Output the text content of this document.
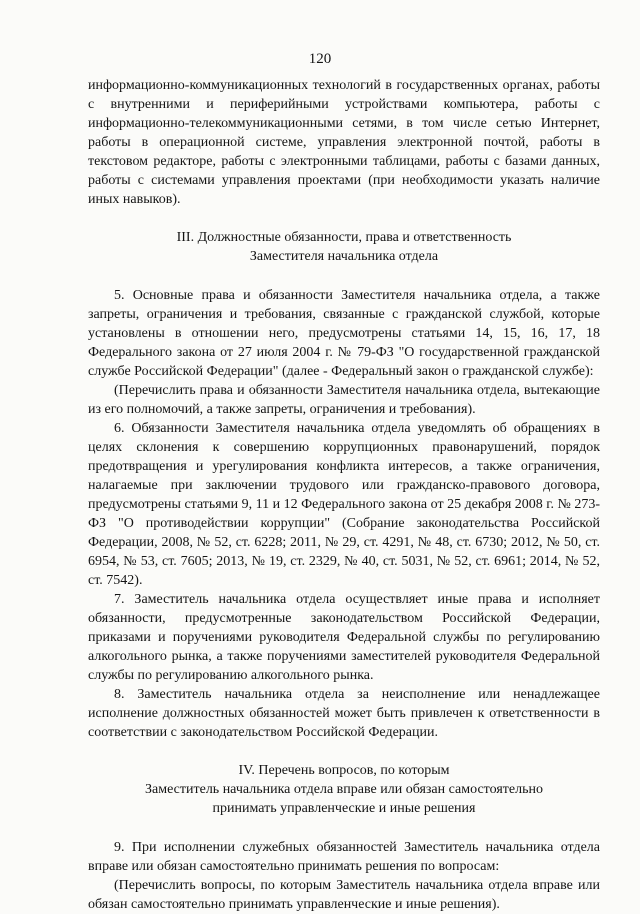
120

информационно-коммуникационных технологий в государственных органах, работы с внутренними и периферийными устройствами компьютера, работы с информационно-телекоммуникационными сетями, в том числе сетью Интернет, работы в операционной системе, управления электронной почтой, работы в текстовом редакторе, работы с электронными таблицами, работы с базами данных, работы с системами управления проектами (при необходимости указать наличие иных навыков).

III. Должностные обязанности, права и ответственность
Заместителя начальника отдела

5. Основные права и обязанности Заместителя начальника отдела, а также запреты, ограничения и требования, связанные с гражданской службой, которые установлены в отношении него, предусмотрены статьями 14, 15, 16, 17, 18 Федерального закона от 27 июля 2004 г. № 79-ФЗ "О государственной гражданской службе Российской Федерации" (далее - Федеральный закон о гражданской службе):

(Перечислить права и обязанности Заместителя начальника отдела, вытекающие из его полномочий, а также запреты, ограничения и требования).

6. Обязанности Заместителя начальника отдела уведомлять об обращениях в целях склонения к совершению коррупционных правонарушений, порядок предотвращения и урегулирования конфликта интересов, а также ограничения, налагаемые при заключении трудового или гражданско-правового договора, предусмотрены статьями 9, 11 и 12 Федерального закона от 25 декабря 2008 г. № 273-ФЗ "О противодействии коррупции" (Собрание законодательства Российской Федерации, 2008, № 52, ст. 6228; 2011, № 29, ст. 4291, № 48, ст. 6730; 2012, № 50, ст. 6954, № 53, ст. 7605; 2013, № 19, ст. 2329, № 40, ст. 5031, № 52, ст. 6961; 2014, № 52, ст. 7542).

7. Заместитель начальника отдела осуществляет иные права и исполняет обязанности, предусмотренные законодательством Российской Федерации, приказами и поручениями руководителя Федеральной службы по регулированию алкогольного рынка, а также поручениями заместителей руководителя Федеральной службы по регулированию алкогольного рынка.

8. Заместитель начальника отдела за неисполнение или ненадлежащее исполнение должностных обязанностей может быть привлечен к ответственности в соответствии с законодательством Российской Федерации.

IV. Перечень вопросов, по которым
Заместитель начальника отдела вправе или обязан самостоятельно
принимать управленческие и иные решения

9. При исполнении служебных обязанностей Заместитель начальника отдела вправе или обязан самостоятельно принимать решения по вопросам:

(Перечислить вопросы, по которым Заместитель начальника отдела вправе или обязан самостоятельно принимать управленческие и иные решения).
